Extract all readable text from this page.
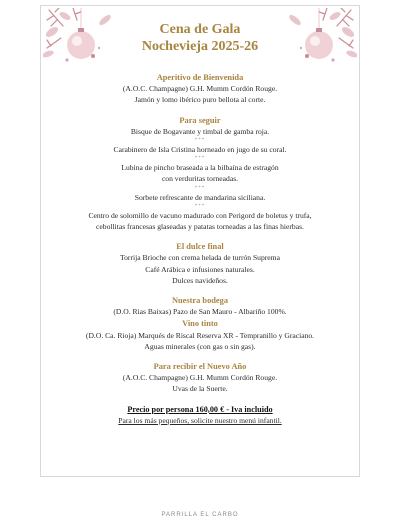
Cena de Gala
Nochevieja 2025-26
Aperitivo de Bienvenida
(A.O.C. Champagne) G.H. Mumm Cordón Rouge.
Jamón y lomo ibérico puro bellota al corte.
Para seguir
Bisque de Bogavante y timbal de gamba roja.
***
Carabinero de Isla Cristina horneado en jugo de su coral.
***
Lubina de pincho braseada a la bilbaína de estragón
con verduritas torneadas.
***
Sorbete refrescante de mandarina siciliana.
***
Centro de solomillo de vacuno madurado con Perigord de boletus y trufa,
cebollitas francesas glaseadas y patatas torneadas a las finas hierbas.
El dulce final
Torrija Brioche con crema helada de turrón Suprema
Café Arábica e infusiones naturales.
Dulces navideños.
Nuestra bodega
(D.O. Rias Baixas) Pazo de San Mauro - Albariño 100%.
Vino tinto
(D.O. Ca. Rioja) Marqués de Riscal Reserva XR - Tempranillo y Graciano.
Aguas minerales (con gas o sin gas).
Para recibir el Nuevo Año
(A.O.C. Champagne) G.H. Mumm Cordón Rouge.
Uvas de la Suerte.
Precio por persona 160,00 € - Iva incluido
Para los más pequeños, solicite nuestro menú infantil.
PARRILLA EL CARBO
